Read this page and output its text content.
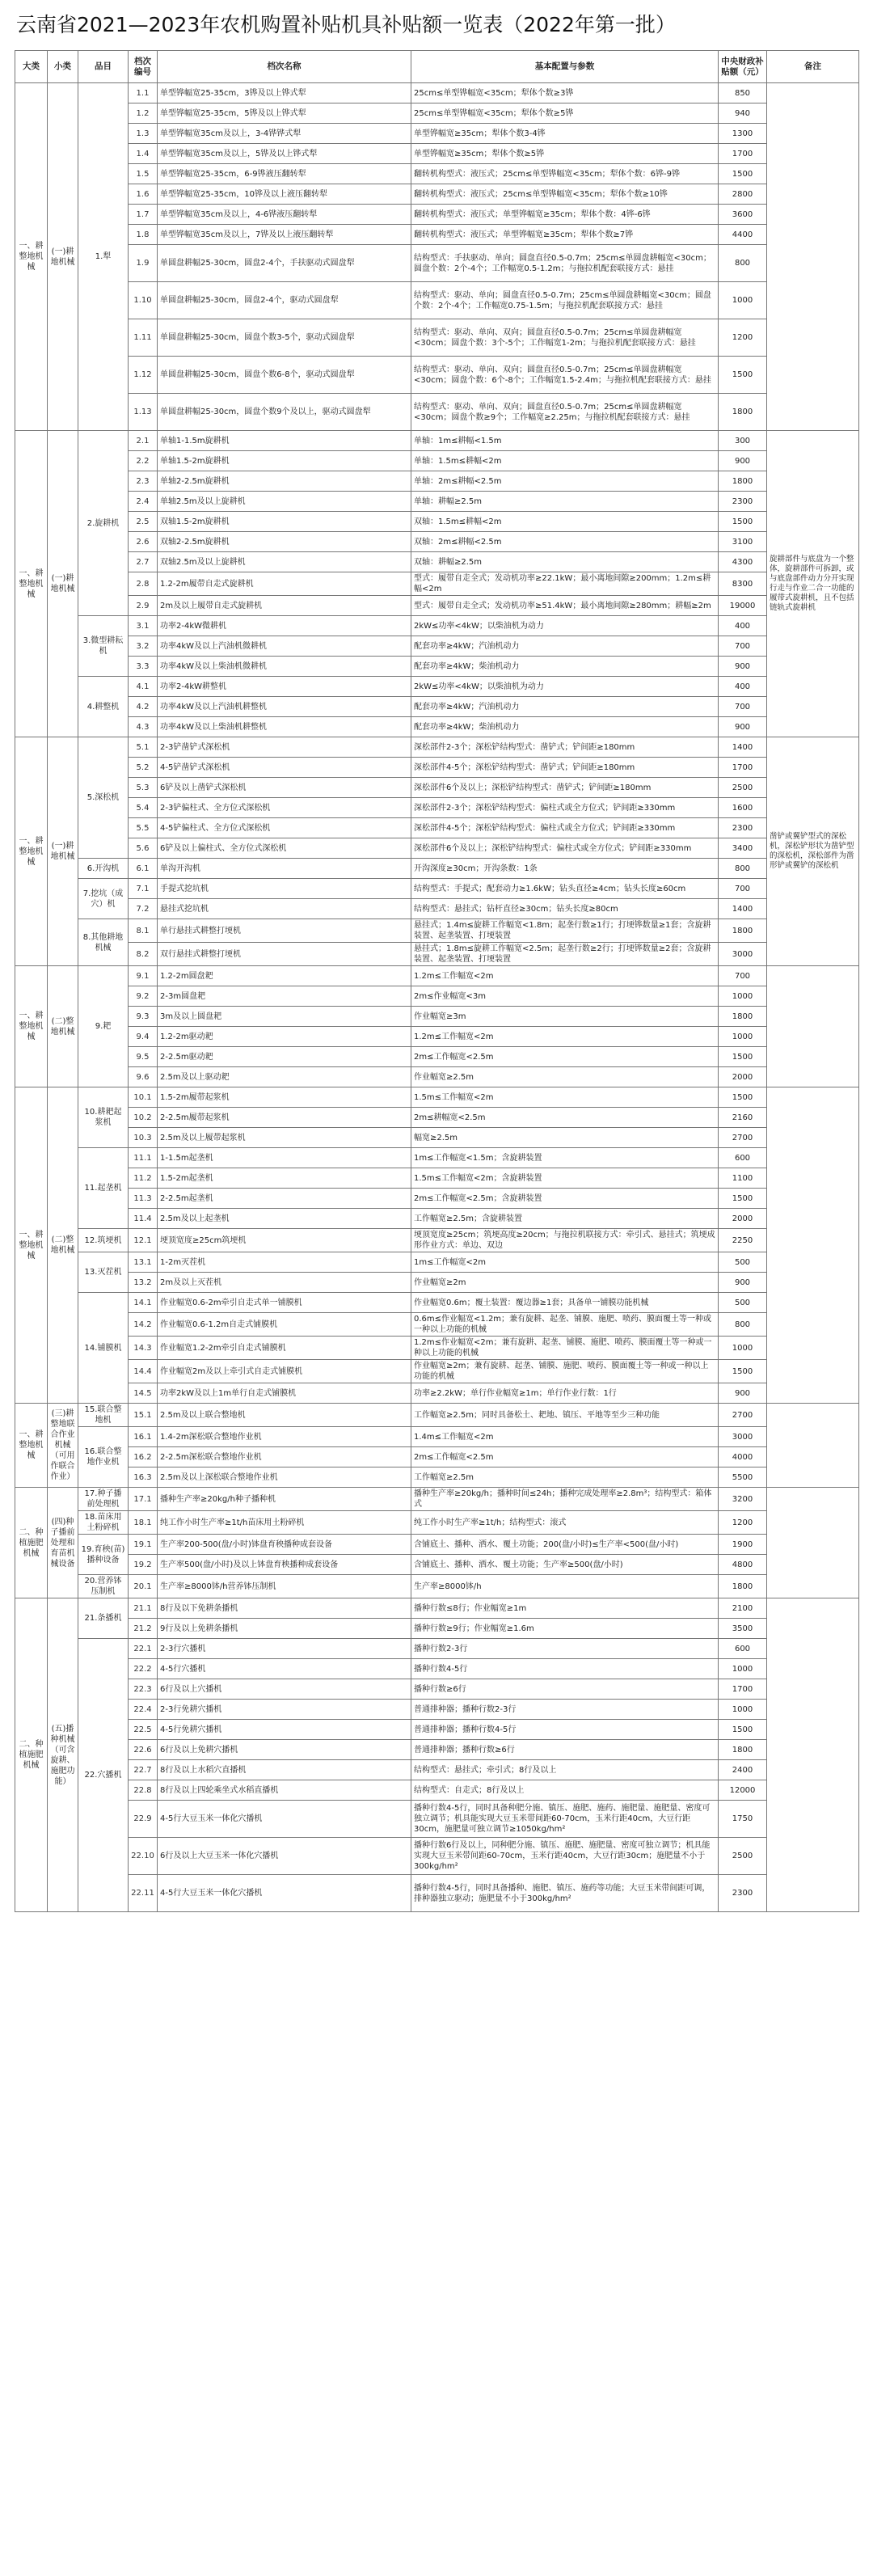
云南省2021—2023年农机购置补贴机具补贴额一览表（2022年第一批）
大类	小类	品目	档次编号	档次名称	基本配置与参数	中央财政补贴额（元）	备注
一、耕整地机械	(一)耕地机械	1.犁	1.1	单型铧幅宽25-35cm，3铧及以上铧式犁	25cm≤单型铧幅宽<35cm；犁体个数≥3铧	850	
			1.2	单型铧幅宽25-35cm，5铧及以上铧式犁	25cm≤单型铧幅宽<35cm；犁体个数≥5铧	940	
			1.3	单型铧幅宽35cm及以上，3-4铧铧式犁	单型铧幅宽≥35cm；犁体个数3-4铧	1300	
			1.4	单型铧幅宽35cm及以上，5铧及以上铧式犁	单型铧幅宽≥35cm；犁体个数≥5铧	1700	
			1.5	单型铧幅宽25-35cm，6-9铧液压翻转犁	翻转机构型式：液压式；25cm≤单型铧幅宽<35cm；犁体个数：6铧-9铧	1500	
			1.6	单型铧幅宽25-35cm，10铧及以上液压翻转犁	翻转机构型式：液压式；25cm≤单型铧幅宽<35cm；犁体个数≥10铧	2800	
			1.7	单型铧幅宽35cm及以上，4-6铧液压翻转犁	翻转机构型式：液压式；单型铧幅宽≥35cm；犁体个数：4铧-6铧	3600	
			1.8	单型铧幅宽35cm及以上，7铧及以上液压翻转犁	翻转机构型式：液压式；单型铧幅宽≥35cm；犁体个数≥7铧	4400	
			1.9	单圆盘耕幅25-30cm，圆盘2-4个，手扶驱动式圆盘犁	结构型式：手扶驱动、单向；圆盘直径0.5-0.7m；25cm≤单圆盘耕幅宽<30cm；圆盘个数：2个-4个；工作幅宽0.5-1.2m；与拖拉机配套联接方式：悬挂	800	
			1.10	单圆盘耕幅25-30cm，圆盘2-4个，驱动式圆盘犁	结构型式：驱动、单向；圆盘直径0.5-0.7m；25cm≤单圆盘耕幅宽<30cm；圆盘个数：2个-4个；工作幅宽0.75-1.5m；与拖拉机配套联接方式：悬挂	1000	
			1.11	单圆盘耕幅25-30cm，圆盘个数3-5个，驱动式圆盘犁	结构型式：驱动、单向、双向；圆盘直径0.5-0.7m；25cm≤单圆盘耕幅宽<30cm；圆盘个数：3个-5个；工作幅宽1-2m；与拖拉机配套联接方式：悬挂	1200	
			1.12	单圆盘耕幅25-30cm，圆盘个数6-8个，驱动式圆盘犁	结构型式：驱动、单向、双向；圆盘直径0.5-0.7m；25cm≤单圆盘耕幅宽<30cm；圆盘个数：6个-8个；工作幅宽1.5-2.4m；与拖拉机配套联接方式：悬挂	1500	
			1.13	单圆盘耕幅25-30cm，圆盘个数9个及以上，驱动式圆盘犁	结构型式：驱动、单向、双向；圆盘直径0.5-0.7m；25cm≤单圆盘耕幅宽<30cm；圆盘个数≥9个；工作幅宽≥2.25m；与拖拉机配套联接方式：悬挂	1800	
一、耕整地机械	(一)耕地机械	2.旋耕机	2.1	单轴1-1.5m旋耕机	单轴：1m≤耕幅<1.5m	300	旋耕部件与底盘为一个整体，旋耕部件可拆卸，或与底盘部件动力分开实现行走与作业二合一功能的履带式旋耕机，且不包括链轨式旋耕机
			2.2	单轴1.5-2m旋耕机	单轴：1.5m≤耕幅<2m	900	
			2.3	单轴2-2.5m旋耕机	单轴：2m≤耕幅<2.5m	1800	
			2.4	单轴2.5m及以上旋耕机	单轴：耕幅≥2.5m	2300	
			2.5	双轴1.5-2m旋耕机	双轴：1.5m≤耕幅<2m	1500	
			2.6	双轴2-2.5m旋耕机	双轴：2m≤耕幅<2.5m	3100	
			2.7	双轴2.5m及以上旋耕机	双轴：耕幅≥2.5m	4300	
			2.8	1.2-2m履带自走式旋耕机	型式：履带自走全式；发动机功率≥22.1kW；最小离地间隙≥200mm；1.2m≤耕幅<2m	8300	
			2.9	2m及以上履带自走式旋耕机	型式：履带自走全式；发动机功率≥51.4kW；最小离地间隙≥280mm；耕幅≥2m	19000	
		3.微型耕耘机	3.1	功率2-4kW微耕机	2kW≤功率<4kW；以柴油机为动力	400	
			3.2	功率4kW及以上汽油机微耕机	配套功率≥4kW；汽油机动力	700	
			3.3	功率4kW及以上柴油机微耕机	配套功率≥4kW；柴油机动力	900	
		4.耕整机	4.1	功率2-4kW耕整机	2kW≤功率<4kW；以柴油机为动力	400	
			4.2	功率4kW及以上汽油机耕整机	配套功率≥4kW；汽油机动力	700	
			4.3	功率4kW及以上柴油机耕整机	配套功率≥4kW；柴油机动力	900	
一、耕整地机械	(一)耕地机械	5.深松机	5.1	2-3铲凿铲式深松机	深松部件2-3个；深松铲结构型式：凿铲式；铲间距≥180mm	1400	凿铲或翼铲型式的深松机，深松铲形状为凿铲型的深松机，深松部件为凿形铲或翼铲的深松机
			5.2	4-5铲凿铲式深松机	深松部件4-5个；深松铲结构型式：凿铲式；铲间距≥180mm	1700	
			5.3	6铲及以上凿铲式深松机	深松部件6个及以上；深松铲结构型式：凿铲式；铲间距≥180mm	2500	
			5.4	2-3铲偏柱式、全方位式深松机	深松部件2-3个；深松铲结构型式：偏柱式或全方位式；铲间距≥330mm	1600	
			5.5	4-5铲偏柱式、全方位式深松机	深松部件4-5个；深松铲结构型式：偏柱式或全方位式；铲间距≥330mm	2300	
			5.6	6铲及以上偏柱式、全方位式深松机	深松部件6个及以上；深松铲结构型式：偏柱式或全方位式；铲间距≥330mm	3400	
		6.开沟机	6.1	单沟开沟机	开沟深度≥30cm；开沟条数：1条	800	
		7.挖坑（成穴）机	7.1	手提式挖坑机	结构型式：手提式；配套动力≥1.6kW；钻头直径≥4cm；钻头长度≥60cm	700	
			7.2	悬挂式挖坑机	结构型式：悬挂式；钻杆直径≥30cm；钻头长度≥80cm	1400	
		8.其他耕地机械	8.1	单行悬挂式耕整打埂机	悬挂式；1.4m≤旋耕工作幅宽<1.8m；起垄行数≥1行；打埂铧数量≥1套；含旋耕装置、起垄装置、打埂装置	1800	
			8.2	双行悬挂式耕整打埂机	悬挂式；1.8m≤旋耕工作幅宽<2.5m；起垄行数≥2行；打埂铧数量≥2套；含旋耕装置、起垄装置、打埂装置	3000	
一、耕整地机械	(二)整地机械	9.耙	9.1	1.2-2m圆盘耙	1.2m≤工作幅宽<2m	700	
			9.2	2-3m圆盘耙	2m≤作业幅宽<3m	1000	
			9.3	3m及以上圆盘耙	作业幅宽≥3m	1800	
			9.4	1.2-2m驱动耙	1.2m≤工作幅宽<2m	1000	
			9.5	2-2.5m驱动耙	2m≤工作幅宽<2.5m	1500	
			9.6	2.5m及以上驱动耙	作业幅宽≥2.5m	2000	
一、耕整地机械	(二)整地机械	10.耕耙起浆机	10.1	1.5-2m履带起浆机	1.5m≤工作幅宽<2m	1500	
			10.2	2-2.5m履带起浆机	2m≤耕幅宽<2.5m	2160	
			10.3	2.5m及以上履带起浆机	幅宽≥2.5m	2700	
		11.起垄机	11.1	1-1.5m起垄机	1m≤工作幅宽<1.5m；含旋耕装置	600	
			11.2	1.5-2m起垄机	1.5m≤工作幅宽<2m；含旋耕装置	1100	
			11.3	2-2.5m起垄机	2m≤工作幅宽<2.5m；含旋耕装置	1500	
			11.4	2.5m及以上起垄机	工作幅宽≥2.5m；含旋耕装置	2000	
		12.筑埂机	12.1	埂顶宽度≥25cm筑埂机	埂顶宽度≥25cm；筑埂高度≥20cm；与拖拉机联接方式：牵引式、悬挂式；筑埂成形作业方式：单边、双边	2250	
		13.灭茬机	13.1	1-2m灭茬机	1m≤工作幅宽<2m	500	
			13.2	2m及以上灭茬机	作业幅宽≥2m	900	
		14.铺膜机	14.1	作业幅宽0.6-2m牵引自走式单一铺膜机	作业幅宽0.6m；覆土装置：覆边器≥1套；具备单一铺膜功能机械	500	
			14.2	作业幅宽0.6-1.2m自走式铺膜机	0.6m≤作业幅宽<1.2m；兼有旋耕、起垄、铺膜、施肥、喷药、膜面覆土等一种或一种以上功能的机械	800	
			14.3	作业幅宽1.2-2m牵引自走式铺膜机	1.2m≤作业幅宽<2m；兼有旋耕、起垄、铺膜、施肥、喷药、膜面覆土等一种或一种以上功能的机械	1000	
			14.4	作业幅宽2m及以上牵引式自走式铺膜机	作业幅宽≥2m；兼有旋耕、起垄、铺膜、施肥、喷药、膜面覆土等一种或一种以上功能的机械	1500	
			14.5	功率2kW及以上1m单行自走式铺膜机	功率≥2.2kW；单行作业幅宽≥1m；单行作业行数：1行	900	
一、耕整地机械	(三)耕整地联合作业机械（可用作联合作业）	15.联合整地机	15.1	2.5m及以上联合整地机	工作幅宽≥2.5m；同时具备松土、耙地、镇压、平地等至少三种功能	2700	
		16.联合整地作业机	16.1	1.4-2m深松联合整地作业机	1.4m≤工作幅宽<2m	3000	
			16.2	2-2.5m深松联合整地作业机	2m≤工作幅宽<2.5m	4000	
			16.3	2.5m及以上深松联合整地作业机	工作幅宽≥2.5m	5500	
二、种植施肥机械	(四)种子播前处理和育苗机械设备	17.种子播前处理机	17.1	播种生产率≥20kg/h种子播种机	播种生产率≥20kg/h；播种时间≤24h；播种完成处理率≥2.8m³；结构型式：箱体式	3200	
		18.苗床用土粉碎机	18.1	纯工作小时生产率≥1t/h苗床用土粉碎机	纯工作小时生产率≥1t/h；结构型式：滚式	1200	
		19.育秧(苗)播种设备	19.1	生产率200-500(盘/小时)钵盘育秧播种成套设备	含铺底土、播种、洒水、覆土功能；200(盘/小时)≤生产率<500(盘/小时)	1900	
			19.2	生产率500(盘/小时)及以上钵盘育秧播种成套设备	含铺底土、播种、洒水、覆土功能；生产率≥500(盘/小时)	4800	
		20.营养钵压制机	20.1	生产率≥8000钵/h营养钵压制机	生产率≥8000钵/h	1800	
二、种植施肥机械	(五)播种机械（可含旋耕、施肥功能）	21.条播机	21.1	8行及以下免耕条播机	播种行数≤8行；作业幅宽≥1m	2100	
			21.2	9行及以上免耕条播机	播种行数≥9行；作业幅宽≥1.6m	3500	
		22.穴播机	22.1	2-3行穴播机	播种行数2-3行	600	
			22.2	4-5行穴播机	播种行数4-5行	1000	
			22.3	6行及以上穴播机	播种行数≥6行	1700	
			22.4	2-3行免耕穴播机	普通排种器；播种行数2-3行	1000	
			22.5	4-5行免耕穴播机	普通排种器；播种行数4-5行	1500	
			22.6	6行及以上免耕穴播机	普通排种器；播种行数≥6行	1800	
			22.7	8行及以上水稻穴直播机	结构型式：悬挂式；牵引式；8行及以上	2400	
			22.8	8行及以上四轮乘坐式水稻直播机	结构型式：自走式；8行及以上	12000	
			22.9	4-5行大豆玉米一体化穴播机	播种行数4-5行，同时具备种肥分施、镇压、施肥、施药、施肥量、施肥量、密度可独立调节；机具能实现大豆玉米带间距60-70cm，玉米行距40cm，大豆行距30cm，施肥量可独立调节≥1050kg/hm²	1750	
			22.10	6行及以上大豆玉米一体化穴播机	播种行数6行及以上，同种肥分施、镇压、施肥、施肥量、密度可独立调节；机具能实现大豆玉米带间距60-70cm，玉米行距40cm，大豆行距30cm；施肥量不小于300kg/hm²	2500	
			22.11	4-5行大豆玉米一体化穴播机	播种行数4-5行，同时具备播种、施肥、镇压、施药等功能；大豆玉米带间距可调，排种器独立驱动；施肥量不小于300kg/hm²	2300	
